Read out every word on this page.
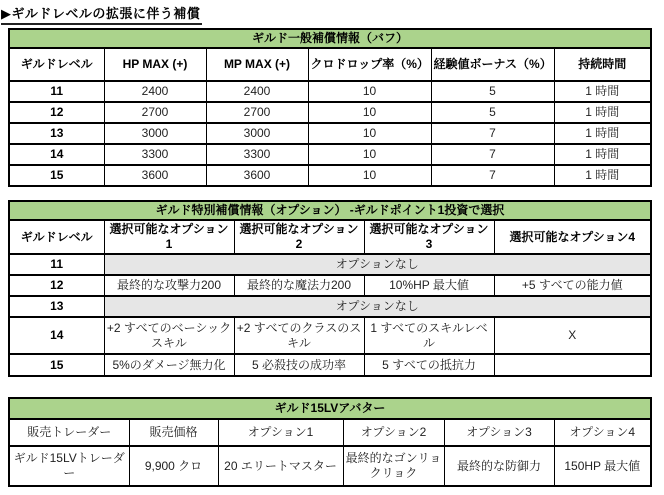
▶ギルドレベルの拡張に伴う補償
ギルド一般補償情報（バフ）					
ギルドレベル	HP MAX (+)	MP MAX (+)	クロドロップ率（%）	経験値ボーナス（%）	持続時間
11	2400	2400	10	5	1 時間
12	2700	2700	10	5	1 時間
13	3000	3000	10	7	1 時間
14	3300	3300	10	7	1 時間
15	3600	3600	10	7	1 時間
ギルド特別補償情報（オプション） -ギルドポイント1投資で選択				
ギルドレベル	選択可能なオプション1	選択可能なオプション2	選択可能なオプション3	選択可能なオプション4
11	オプションなし			
12	最終的な攻撃力200	最終的な魔法力200	10%HP 最大値	+5 すべての能力値
13	オプションなし			
14	+2 すべてのベーシックスキル	+2 すべてのクラスのスキル	1 すべてのスキルレベル	X
15	5%のダメージ無力化	5 必殺技の成功率	5 すべての抵抗力	
ギルド15LVアバター					
販売トレーダー	販売価格	オプション1	オプション2	オプション3	オプション4
ギルド15LVトレーダー	9,900 クロ	20 エリートマスター	最終的なゴンリョクリョク	最終的な防御力	150HP 最大値
